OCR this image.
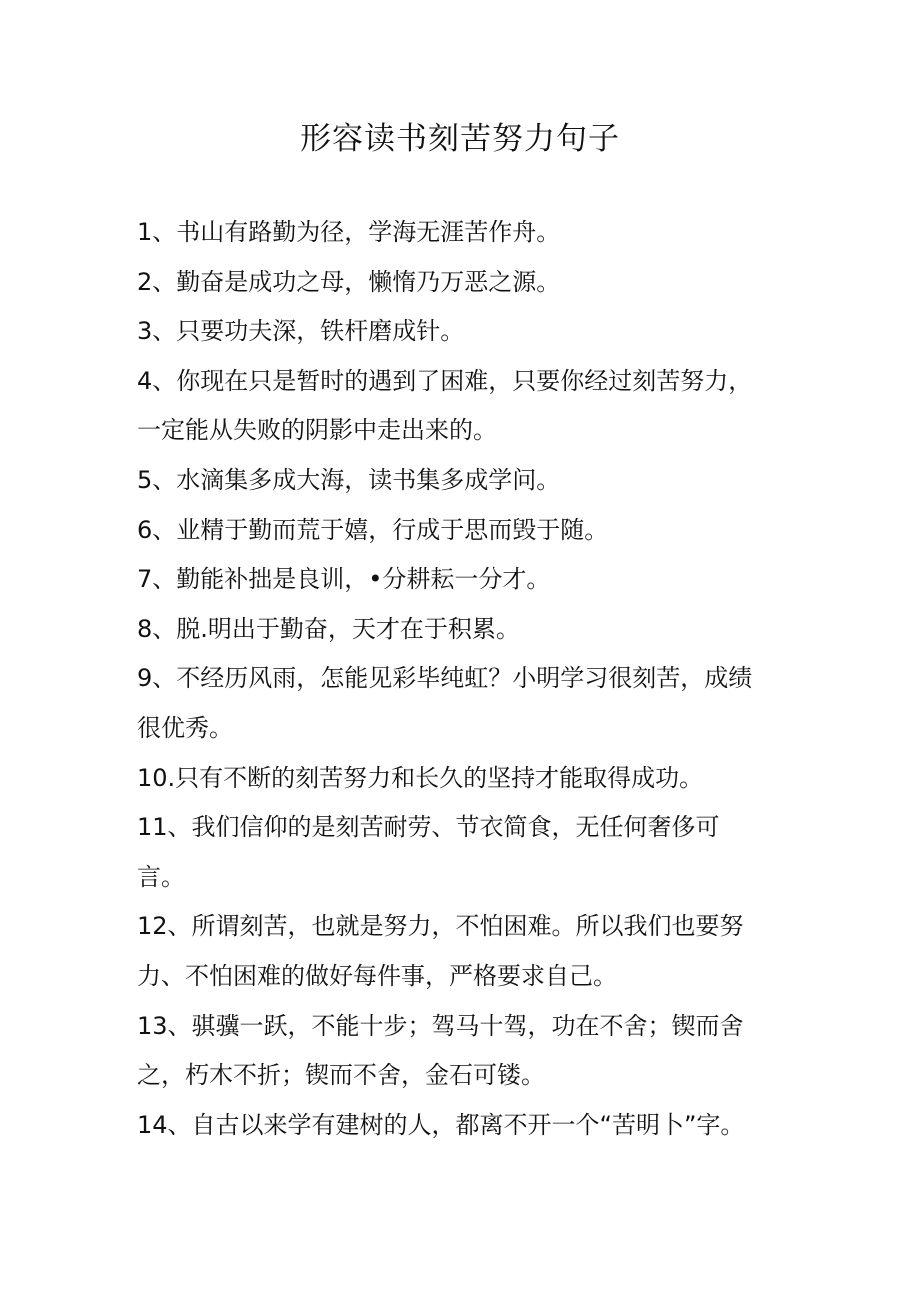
形容读书刻苦努力句子
1、书山有路勤为径，学海无涯苦作舟。
2、勤奋是成功之母，懒惰乃万恶之源。
3、只要功夫深，铁杆磨成针。
4、你现在只是暂时的遇到了困难，只要你经过刻苦努力，
一定能从失败的阴影中走出来的。
5、水滴集多成大海，读书集多成学问。
6、业精于勤而荒于嬉，行成于思而毁于随。
7、勤能补拙是良训，•分耕耘一分才。
8、脱.明出于勤奋，天才在于积累。
9、不经历风雨，怎能见彩毕纯虹？小明学习很刻苦，成绩
很优秀。
10.只有不断的刻苦努力和长久的坚持才能取得成功。
11、我们信仰的是刻苦耐劳、节衣简食，无任何奢侈可
言。
12、所谓刻苦，也就是努力，不怕困难。所以我们也要努
力、不怕困难的做好每件事，严格要求自己。
13、骐骥一跃，不能十步；驾马十驾，功在不舍；锲而舍
之，朽木不折；锲而不舍，金石可镂。
14、自古以来学有建树的人，都离不开一个“苦明卜”字。
